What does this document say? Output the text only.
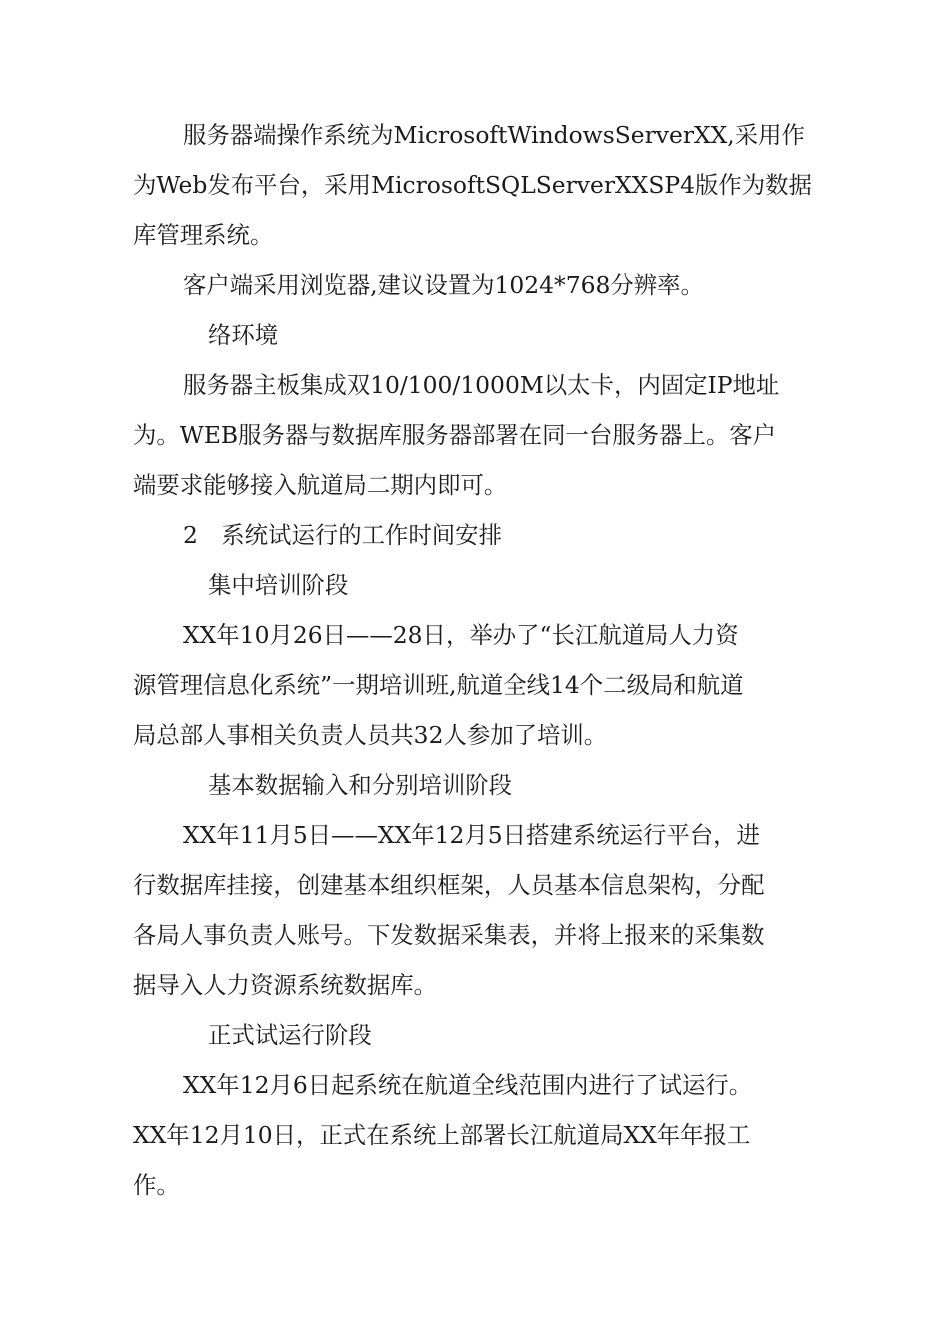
服务器端操作系统为MicrosoftWindowsServerXX,采用作
为Web发布平台，采用MicrosoftSQLServerXXSP4版作为数据
库管理系统。
客户端采用浏览器,建议设置为1024*768分辨率。
络环境
服务器主板集成双10/100/1000M以太卡，内固定IP地址
为。WEB服务器与数据库服务器部署在同一台服务器上。客户
端要求能够接入航道局二期内即可。
2　系统试运行的工作时间安排
集中培训阶段
XX年10月26日——28日，举办了“长江航道局人力资
源管理信息化系统”一期培训班,航道全线14个二级局和航道
局总部人事相关负责人员共32人参加了培训。
基本数据输入和分别培训阶段
XX年11月5日——XX年12月5日搭建系统运行平台，进
行数据库挂接，创建基本组织框架，人员基本信息架构，分配
各局人事负责人账号。下发数据采集表，并将上报来的采集数
据导入人力资源系统数据库。
正式试运行阶段
XX年12月6日起系统在航道全线范围内进行了试运行。
XX年12月10日，正式在系统上部署长江航道局XX年年报工
作。
